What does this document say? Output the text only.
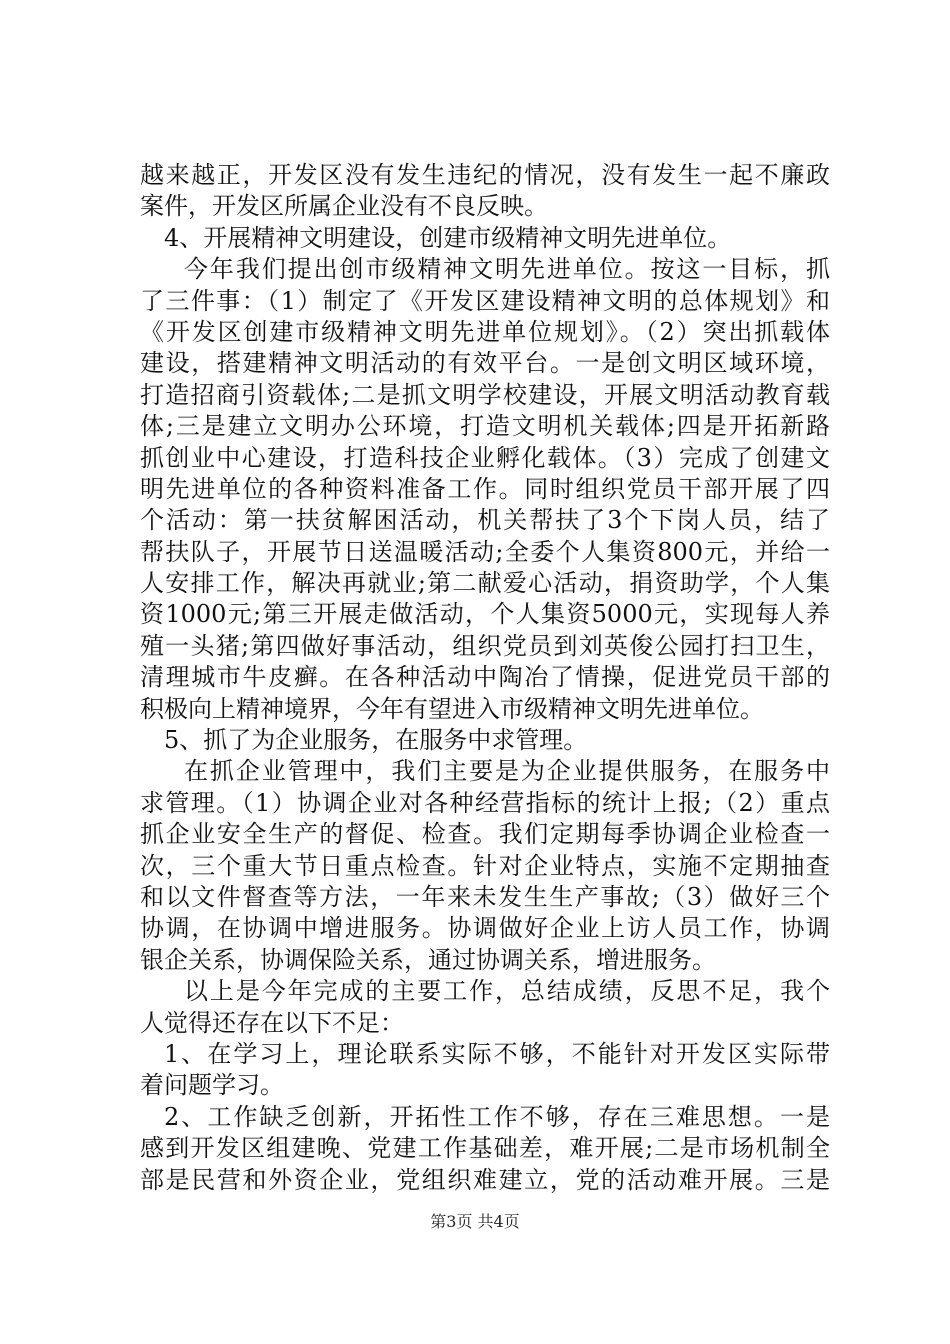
越来越正，开发区没有发生违纪的情况，没有发生一起不廉政
案件，开发区所属企业没有不良反映。
4、开展精神文明建设，创建市级精神文明先进单位。
今年我们提出创市级精神文明先进单位。按这一目标，抓
了三件事：（1）制定了《开发区建设精神文明的总体规划》和
《开发区创建市级精神文明先进单位规划》。（2）突出抓载体
建设，搭建精神文明活动的有效平台。一是创文明区域环境，
打造招商引资载体;二是抓文明学校建设，开展文明活动教育载
体;三是建立文明办公环境，打造文明机关载体;四是开拓新路
抓创业中心建设，打造科技企业孵化载体。（3）完成了创建文
明先进单位的各种资料准备工作。同时组织党员干部开展了四
个活动：第一扶贫解困活动，机关帮扶了3个下岗人员，结了
帮扶队子，开展节日送温暖活动;全委个人集资800元，并给一
人安排工作，解决再就业;第二献爱心活动，捐资助学，个人集
资1000元;第三开展走做活动，个人集资5000元，实现每人养
殖一头猪;第四做好事活动，组织党员到刘英俊公园打扫卫生，
清理城市牛皮癣。在各种活动中陶冶了情操，促进党员干部的
积极向上精神境界，今年有望进入市级精神文明先进单位。
5、抓了为企业服务，在服务中求管理。
在抓企业管理中，我们主要是为企业提供服务，在服务中
求管理。（1）协调企业对各种经营指标的统计上报;（2）重点
抓企业安全生产的督促、检查。我们定期每季协调企业检查一
次，三个重大节日重点检查。针对企业特点，实施不定期抽查
和以文件督查等方法，一年来未发生生产事故;（3）做好三个
协调，在协调中增进服务。协调做好企业上访人员工作，协调
银企关系，协调保险关系，通过协调关系，增进服务。
以上是今年完成的主要工作，总结成绩，反思不足，我个
人觉得还存在以下不足：
1、在学习上，理论联系实际不够，不能针对开发区实际带
着问题学习。
2、工作缺乏创新，开拓性工作不够，存在三难思想。一是
感到开发区组建晚、党建工作基础差，难开展;二是市场机制全
部是民营和外资企业，党组织难建立，党的活动难开展。三是
第3页 共4页
